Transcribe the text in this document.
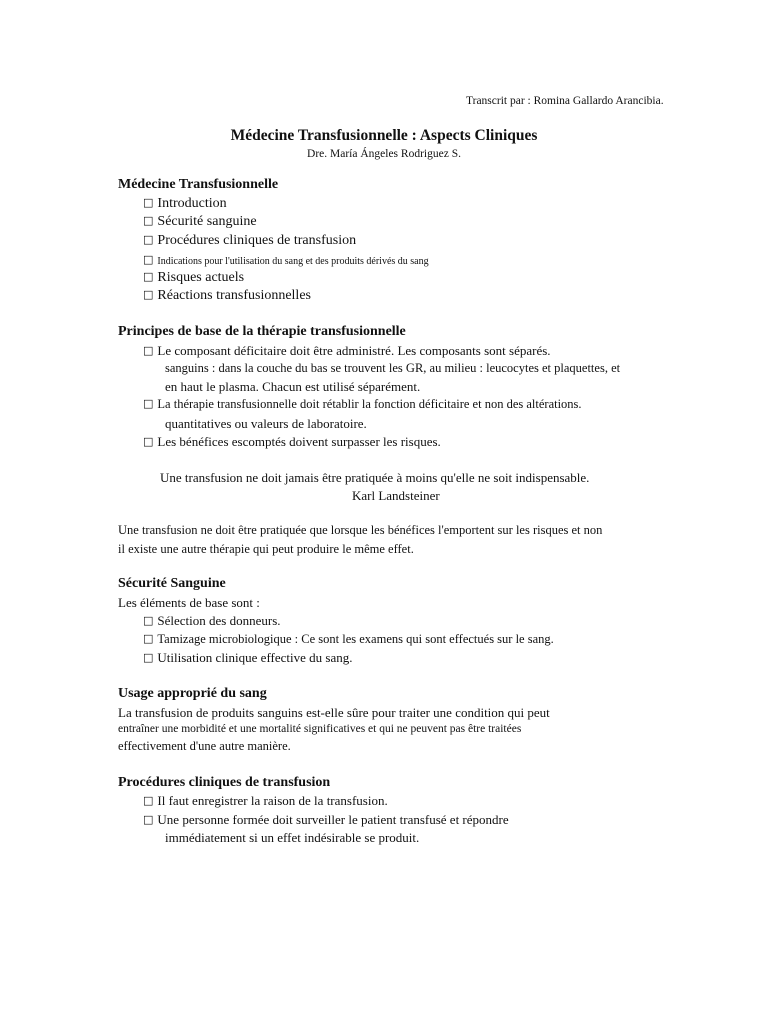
Transcrit par : Romina Gallardo Arancibia.
Médecine Transfusionnelle : Aspects Cliniques
Dre. María Ángeles Rodriguez S.
Médecine Transfusionnelle
□ Introduction
□ Sécurité sanguine
□ Procédures cliniques de transfusion
□ Indications pour l'utilisation du sang et des produits dérivés du sang
□ Risques actuels
□ Réactions transfusionnelles
Principes de base de la thérapie transfusionnelle
□ Le composant déficitaire doit être administré. Les composants sont séparés.
sanguins : dans la couche du bas se trouvent les GR, au milieu : leucocytes et plaquettes, et
en haut le plasma. Chacun est utilisé séparément.
□ La thérapie transfusionnelle doit rétablir la fonction déficitaire et non des altérations.
quantitatives ou valeurs de laboratoire.
□ Les bénéfices escomptés doivent surpasser les risques.
Une transfusion ne doit jamais être pratiquée à moins qu'elle ne soit indispensable.
Karl Landsteiner
Une transfusion ne doit être pratiquée que lorsque les bénéfices l'emportent sur les risques et non
il existe une autre thérapie qui peut produire le même effet.
Sécurité Sanguine
Les éléments de base sont :
□ Sélection des donneurs.
□ Tamizage microbiologique : Ce sont les examens qui sont effectués sur le sang.
□ Utilisation clinique effective du sang.
Usage approprié du sang
La transfusion de produits sanguins est-elle sûre pour traiter une condition qui peut
entraîner une morbidité et une mortalité significatives et qui ne peuvent pas être traitées
effectivement d'une autre manière.
Procédures cliniques de transfusion
□ Il faut enregistrer la raison de la transfusion.
□ Une personne formée doit surveiller le patient transfusé et répondre
immédiatement si un effet indésirable se produit.
